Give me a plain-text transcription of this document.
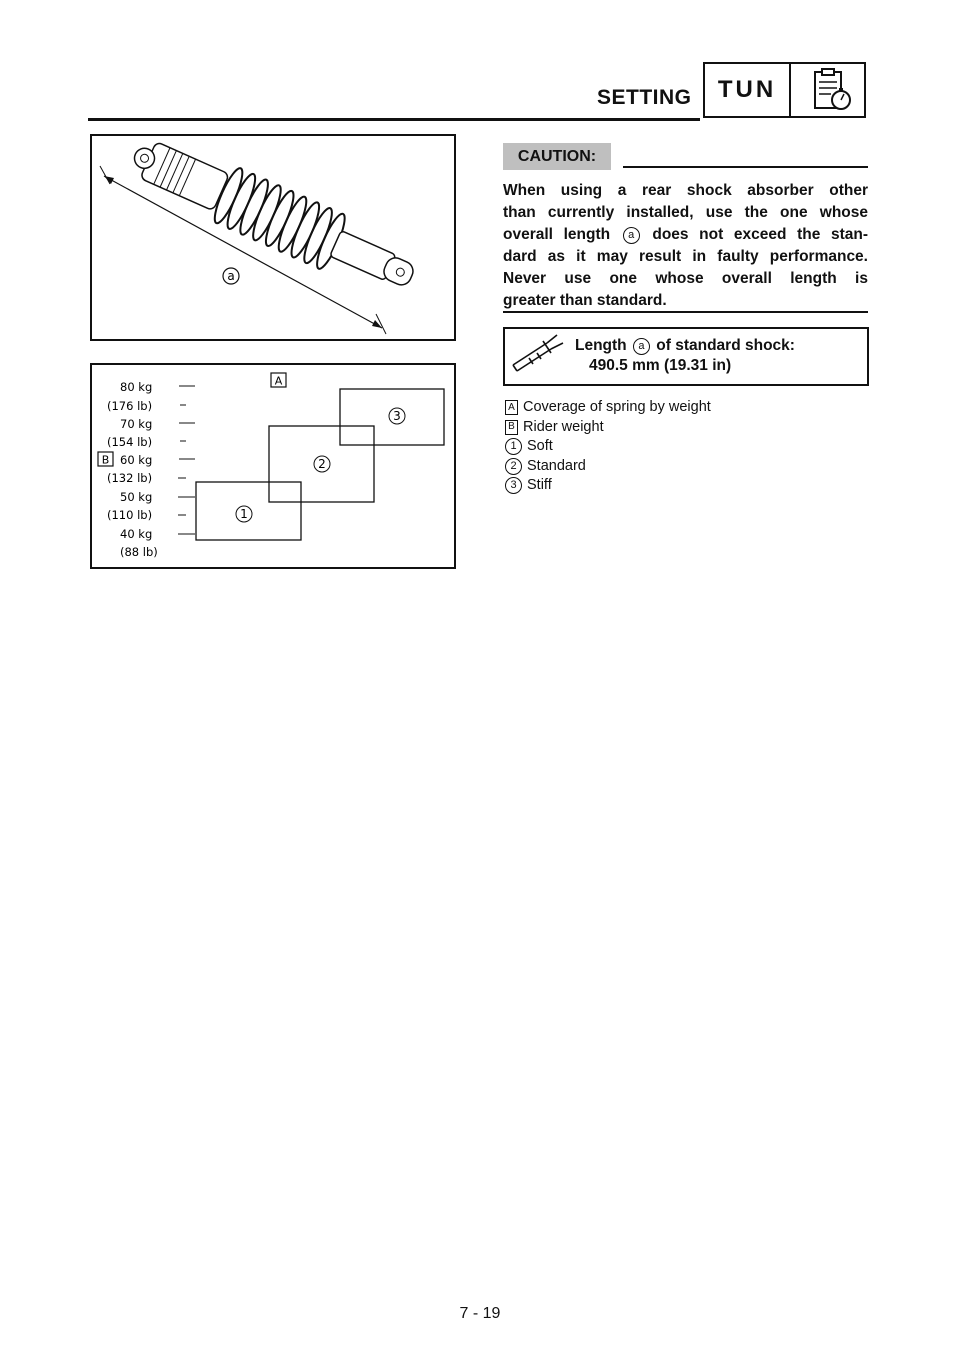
SETTING	TUN
a
A
B
80 kg
(176 lb)
70 kg
(154 lb)
60 kg
(132 lb)
50 kg
(110 lb)
40 kg
(88 lb)
1
2
3
CAUTION:

When using a rear shock absorber other

than currently installed, use the one whose

overall length a does not exceed the stan-

dard as it may result in faulty performance.

Never use one whose overall length is

greater than standard.

Length a of standard shock:
490.5 mm (19.31 in)
A Coverage of spring by weight
B Rider weight
1 Soft
2 Standard
3 Stiff
7 - 19
